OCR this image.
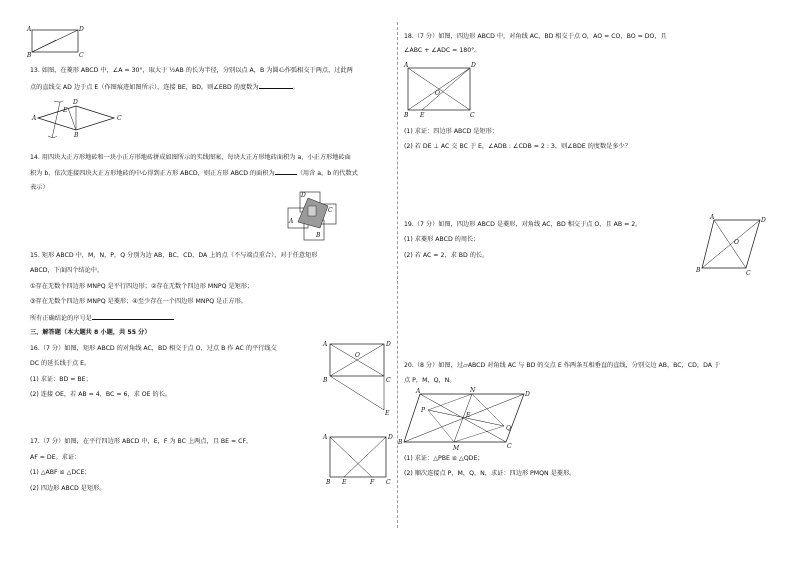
A	D
B	C
13. 如图，在菱形 ABCD 中，∠A = 30°，取大于 ½AB 的长为半径，分别以点 A，B 为圆心作弧相交于两点，过此两
点的直线交 AD 边于点 E（作图痕迹如图所示），连接 BE，BD，则∠EBD 的度数为	。
A
D
E
B
C
14. 用四块大正方形地砖和一块小正方形地砖拼成如图所示的实线图案，每块大正方形地砖面积为 a，小正方形地砖面
积为 b，依次连接四块大正方形地砖的中心得到正方形 ABCD，则正方形 ABCD 的面积为	（用含 a，b 的代数式
表示）
D
A
C
B
15. 矩形 ABCD 中，M，N，P，Q 分别为边 AB，BC，CD，DA 上的点（不与端点重合），对于任意矩形
ABCD，下面四个结论中，
①存在无数个四边形 MNPQ 是平行四边形；②存在无数个四边形 MNPQ 是矩形；
③存在无数个四边形 MNPQ 是菱形；④至少存在一个四边形 MNPQ 是正方形。
所有正确结论的序号是
三、解答题（本大题共 8 小题，共 55 分）
16.（7 分）如图，矩形 ABCD 的对角线 AC，BD 相交于点 O，过点 B 作 AC 的平行线交
DC 的延长线于点 E。
(1) 求证：BD = BE；
(2) 连接 OE，若 AB = 4，BC = 6，求 OE 的长。
A	D
O
B	C
E
17.（7 分）如图，在平行四边形 ABCD 中，E，F 为 BC 上两点，且 BE = CF，
AF = DE。求证：
(1) △ABF ≌ △DCE；
(2) 四边形 ABCD 是矩形。
A	D
B E	F C
18.（7 分）如图，四边形 ABCD 中，对角线 AC，BD 相交于点 O，AO = CO，BO = DO，且
∠ABC + ∠ADC = 180°。
A	D
O
B E	C
(1) 求证：四边形 ABCD 是矩形；
(2) 若 DE ⊥ AC 交 BC 于 E，∠ADB : ∠CDB = 2 : 3，则∠BDE 的度数是多少？
19.（7 分）如图，四边形 ABCD 是菱形，对角线 AC，BD 相交于点 O，且 AB = 2。
(1) 求菱形 ABCD 的周长；
(2) 若 AC = 2，求 BD 的长。
A	D
O
B	C
20.（8 分）如图，过▱ABCD 对角线 AC 与 BD 的交点 E 作两条互相垂直的直线，分别交边 AB，BC，CD，DA 于
点 P，M，Q，N。
A	N
D
P
E
Q
B
M	C
(1) 求证：△PBE ≌ △QDE；
(2) 顺次连接点 P，M，Q，N，求证：四边形 PMQN 是菱形。
